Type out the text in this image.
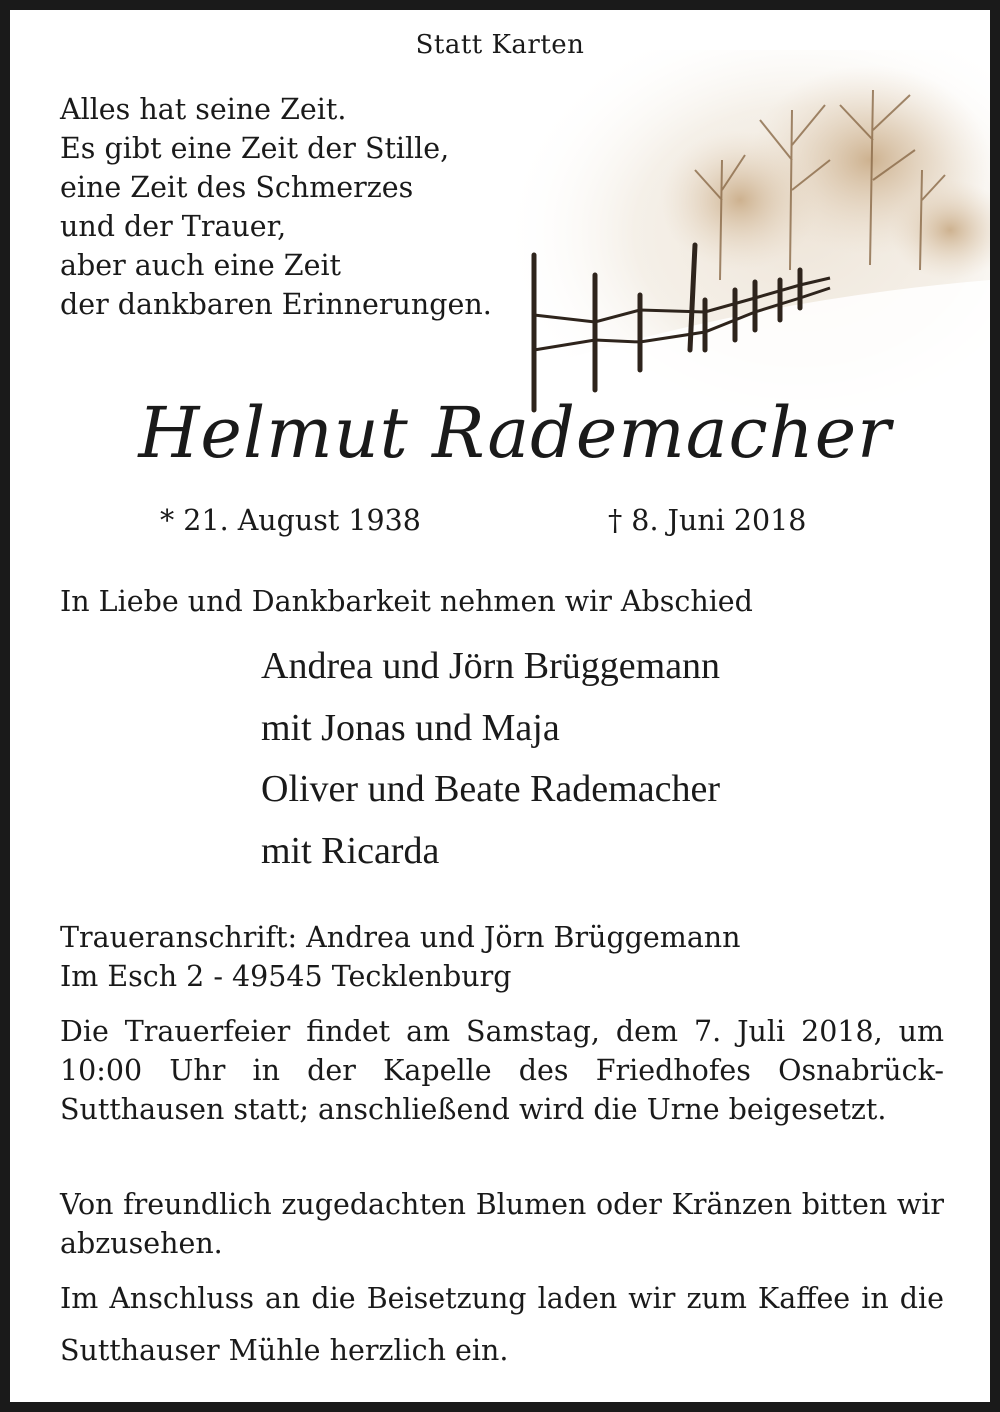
Statt Karten
Alles hat seine Zeit.
Es gibt eine Zeit der Stille,
eine Zeit des Schmerzes
und der Trauer,
aber auch eine Zeit
der dankbaren Erinnerungen.
Helmut Rademacher
* 21. August 1938	† 8. Juni 2018
In Liebe und Dankbarkeit nehmen wir Abschied
Andrea und Jörn Brüggemann
mit Jonas und Maja
Oliver und Beate Rademacher
mit Ricarda
Traueranschrift: Andrea und Jörn Brüggemann
Im Esch 2 - 49545 Tecklenburg
Die Trauerfeier findet am Samstag, dem 7. Juli 2018, um 10:00 Uhr in der Kapelle des Friedhofes Osnabrück-Sutthausen statt; anschließend wird die Urne beigesetzt.
Von freundlich zugedachten Blumen oder Kränzen bitten wir abzusehen.
Im Anschluss an die Beisetzung laden wir zum Kaffee in die Sutthauser Mühle herzlich ein.
